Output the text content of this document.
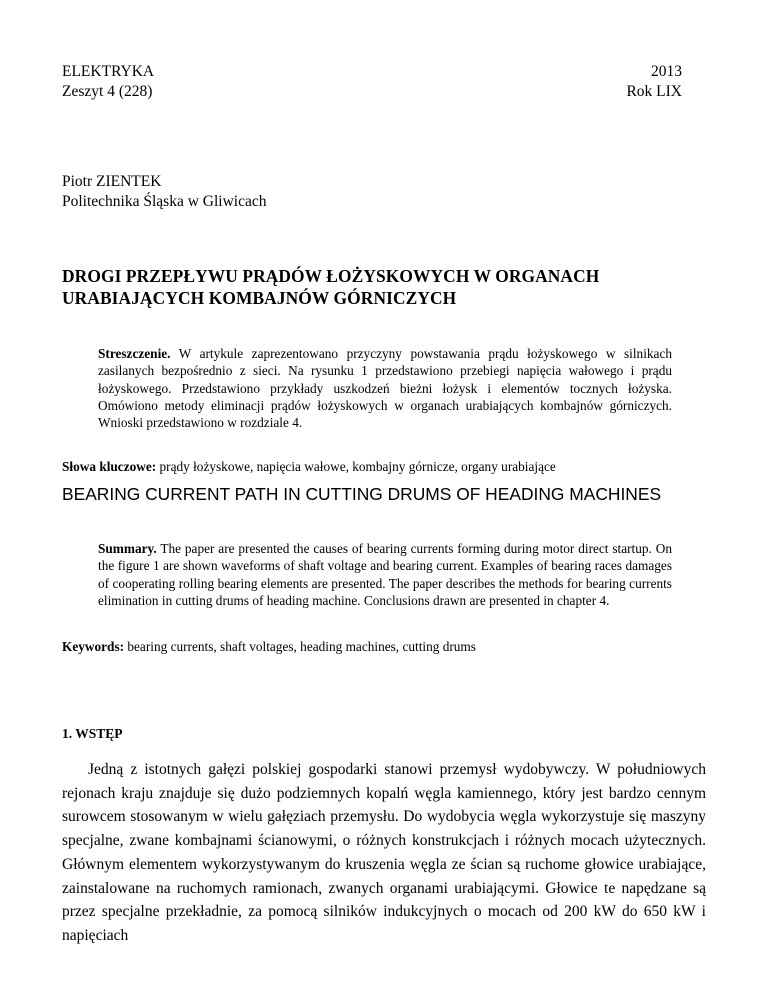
ELEKTRYKA
Zeszyt 4 (228)
2013
Rok LIX
Piotr ZIENTEK
Politechnika Śląska w Gliwicach
DROGI PRZEPŁYWU PRĄDÓW ŁOŻYSKOWYCH W ORGANACH URABIAJĄCYCH KOMBAJNÓW GÓRNICZYCH
Streszczenie. W artykule zaprezentowano przyczyny powstawania prądu łożyskowego w silnikach zasilanych bezpośrednio z sieci. Na rysunku 1 przedstawiono przebiegi napięcia wałowego i prądu łożyskowego. Przedstawiono przykłady uszkodzeń bieżni łożysk i elementów tocznych łożyska. Omówiono metody eliminacji prądów łożyskowych w organach urabiających kombajnów górniczych. Wnioski przedstawiono w rozdziale 4.
Słowa kluczowe: prądy łożyskowe, napięcia wałowe, kombajny górnicze, organy urabiające
BEARING CURRENT PATH IN CUTTING DRUMS OF HEADING MACHINES
Summary. The paper are presented the causes of bearing currents forming during motor direct startup. On the figure 1 are shown waveforms of shaft voltage and bearing current. Examples of bearing races damages of cooperating rolling bearing elements are presented. The paper describes the methods for bearing currents elimination in cutting drums of heading machine. Conclusions drawn are presented in chapter 4.
Keywords: bearing currents, shaft voltages, heading machines, cutting drums
1. WSTĘP

Jedną z istotnych gałęzi polskiej gospodarki stanowi przemysł wydobywczy. W południowych rejonach kraju znajduje się dużo podziemnych kopalń węgla kamiennego, który jest bardzo cennym surowcem stosowanym w wielu gałęziach przemysłu. Do wydobycia węgla wykorzystuje się maszyny specjalne, zwane kombajnami ścianowymi, o różnych konstrukcjach i różnych mocach użytecznych. Głównym elementem wykorzystywanym do kruszenia węgla ze ścian są ruchome głowice urabiające, zainstalowane na ruchomych ramionach, zwanych organami urabiającymi. Głowice te napędzane są przez specjalne przekładnie, za pomocą silników indukcyjnych o mocach od 200 kW do 650 kW i napięciach
